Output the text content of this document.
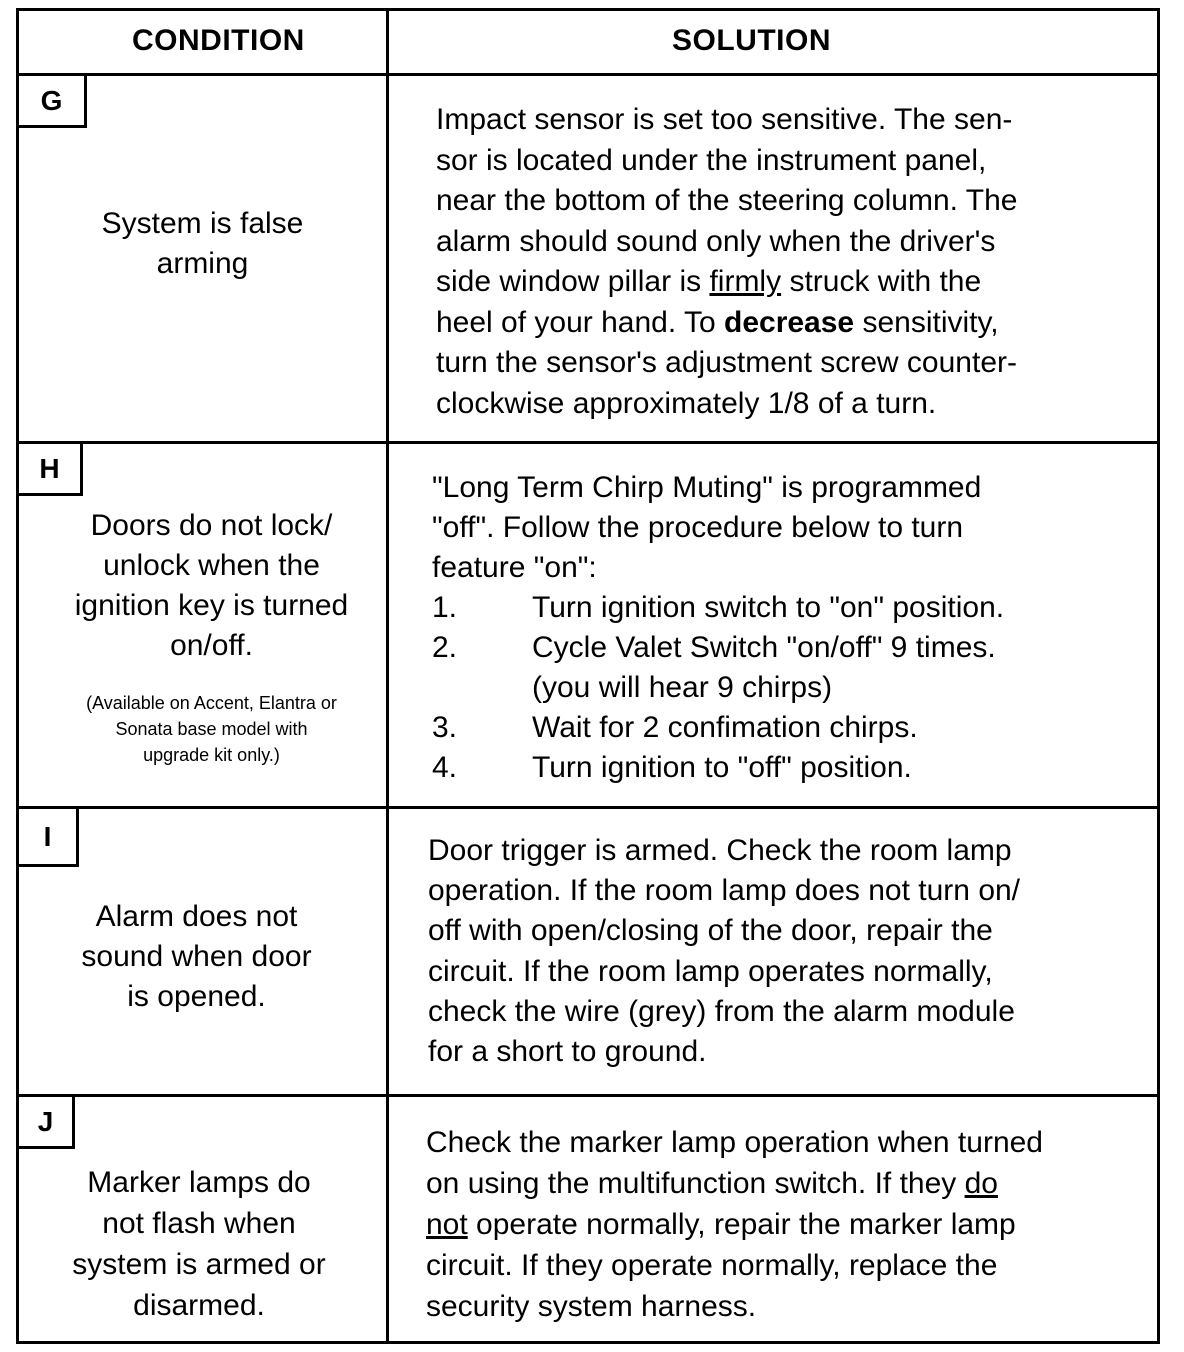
CONDITION	SOLUTION
G
System is false
arming
Impact sensor is set too sensitive. The sen-
sor is located under the instrument panel,
near the bottom of the steering column. The
alarm should sound only when the driver's
side window pillar is firmly struck with the
heel of your hand. To decrease sensitivity,
turn the sensor's adjustment screw counter-
clockwise approximately 1/8 of a turn.
H
Doors do not lock/
unlock when the
ignition key is turned
on/off.
(Available on Accent, Elantra or
Sonata base model with
upgrade kit only.)
"Long Term Chirp Muting" is programmed
"off". Follow the procedure below to turn
feature "on":
1. Turn ignition switch to "on" position.
2. Cycle Valet Switch "on/off" 9 times.
(you will hear 9 chirps)
3. Wait for 2 confimation chirps.
4. Turn ignition to "off" position.
I
Alarm does not
sound when door
is opened.
Door trigger is armed. Check the room lamp
operation. If the room lamp does not turn on/
off with open/closing of the door, repair the
circuit. If the room lamp operates normally,
check the wire (grey) from the alarm module
for a short to ground.
J
Marker lamps do
not flash when
system is armed or
disarmed.
Check the marker lamp operation when turned
on using the multifunction switch. If they do
not operate normally, repair the marker lamp
circuit. If they operate normally, replace the
security system harness.
